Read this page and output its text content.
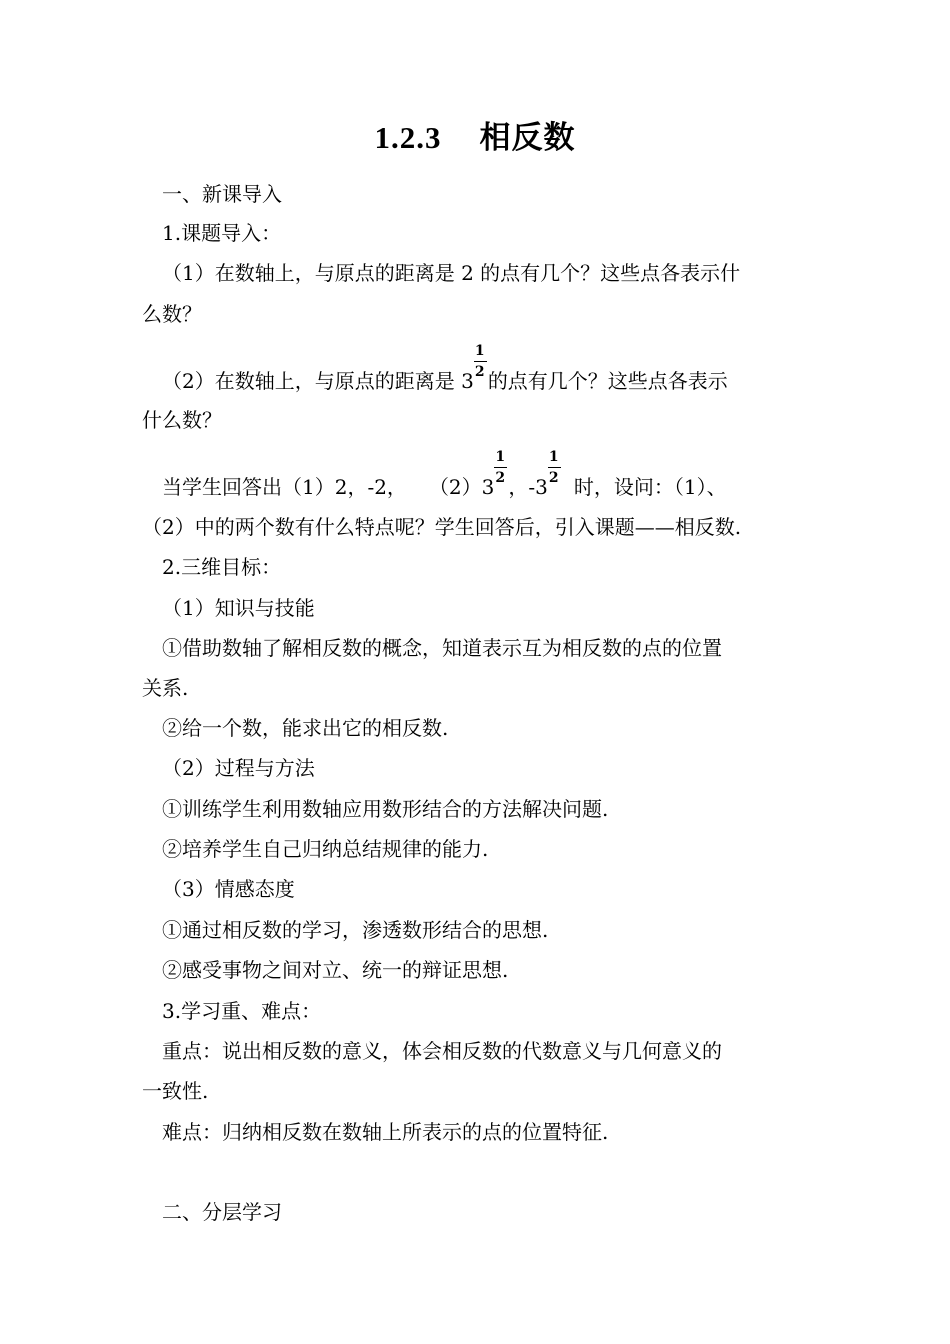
1.2.3 相反数
一、新课导入
1.课题导入：
（1）在数轴上，与原点的距离是 2 的点有几个？这些点各表示什
么数？
（2）在数轴上，与原点的距离是 $3 \frac{1}{2}$ 的点有几个？这些点各表示
什么数？
当学生回答出（1）2，-2， $(2)3 \frac{1}{2}$ ，$-3 \frac{1}{2}$ 时，设问：（1）、
（2）中的两个数有什么特点呢？学生回答后，引入课题——相反数.
2.三维目标：
（1）知识与技能
①借助数轴了解相反数的概念，知道表示互为相反数的点的位置
关系.
②给一个数，能求出它的相反数.
（2）过程与方法
①训练学生利用数轴应用数形结合的方法解决问题.
②培养学生自己归纳总结规律的能力.
（3）情感态度
①通过相反数的学习，渗透数形结合的思想.
②感受事物之间对立、统一的辩证思想.
3.学习重、难点：
重点：说出相反数的意义，体会相反数的代数意义与几何意义的
一致性.
难点：归纳相反数在数轴上所表示的点的位置特征.
二、分层学习
